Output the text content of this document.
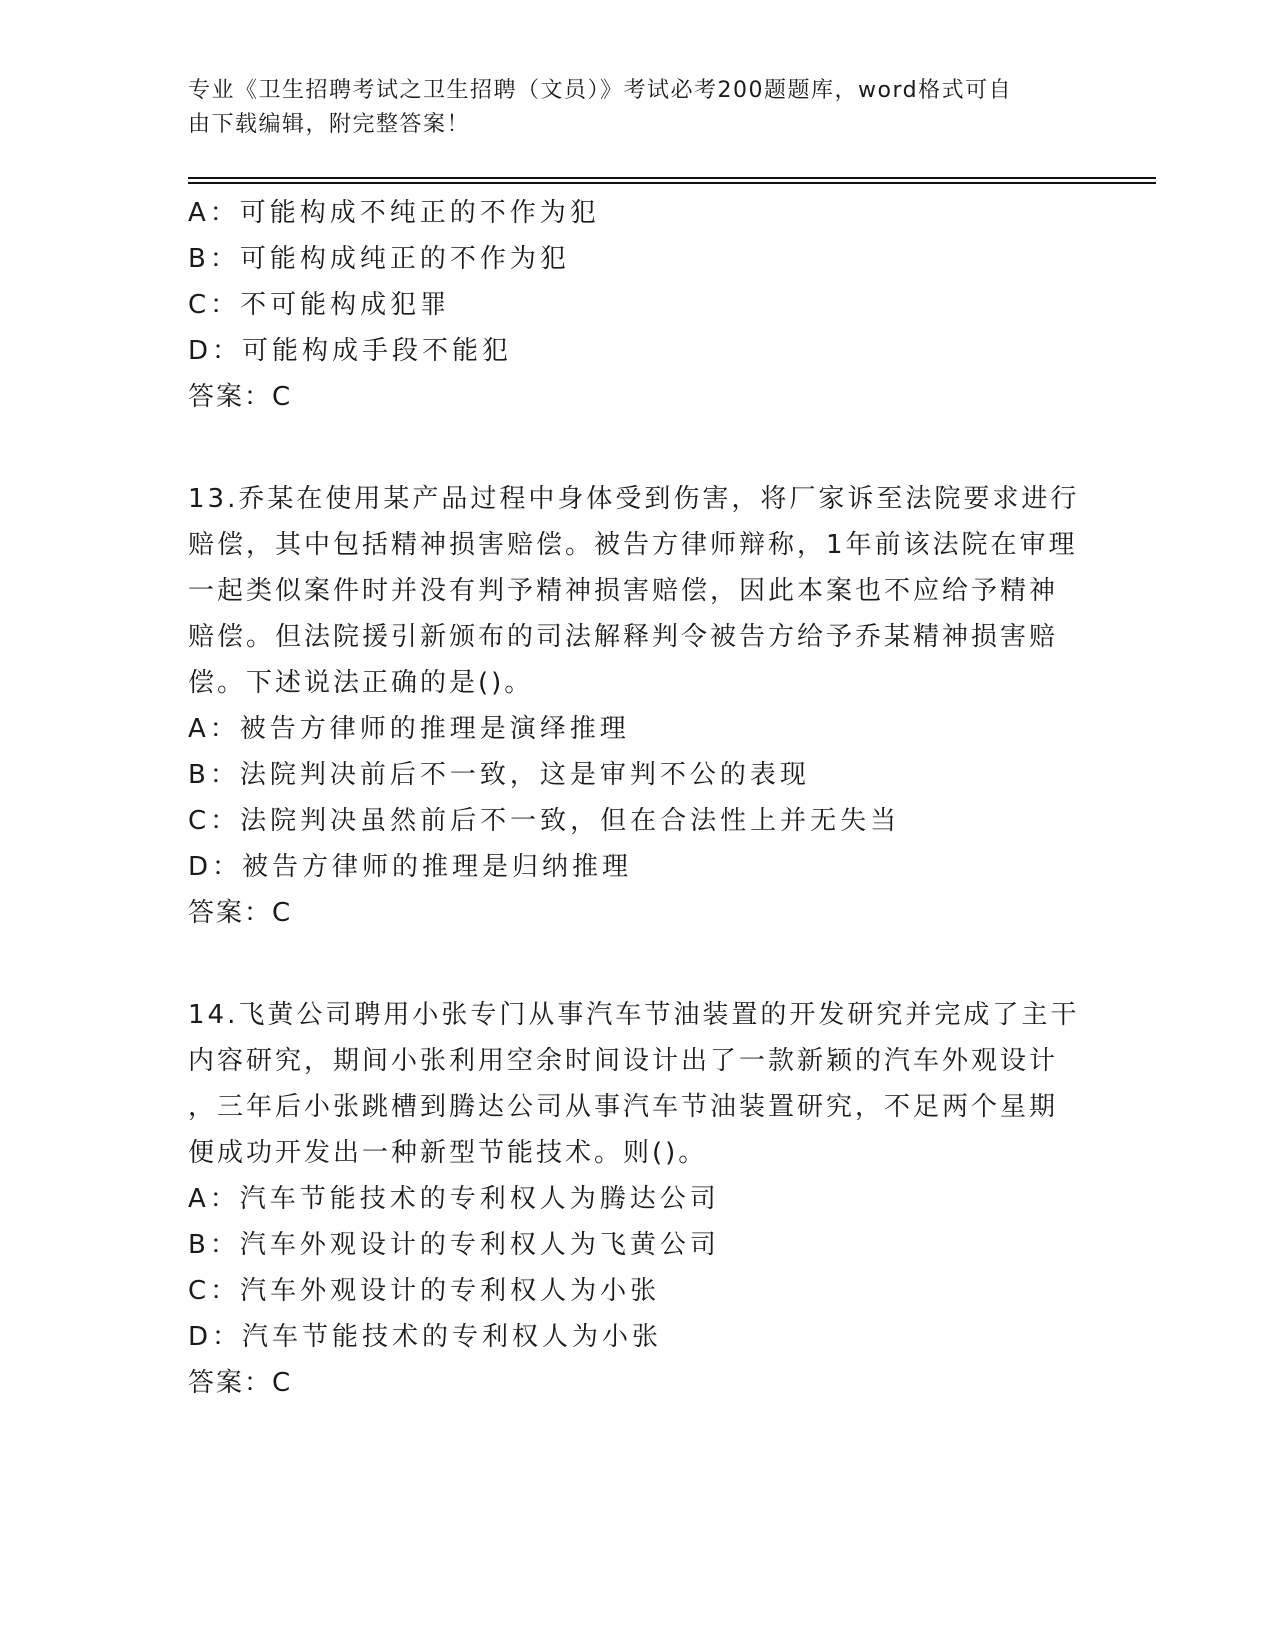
专业《卫生招聘考试之卫生招聘（文员）》考试必考200题题库，word格式可自
由下载编辑，附完整答案！
A：可能构成不纯正的不作为犯
B：可能构成纯正的不作为犯
C：不可能构成犯罪
D：可能构成手段不能犯
答案：C
13.乔某在使用某产品过程中身体受到伤害，将厂家诉至法院要求进行
赔偿，其中包括精神损害赔偿。被告方律师辩称，1年前该法院在审理
一起类似案件时并没有判予精神损害赔偿，因此本案也不应给予精神
赔偿。但法院援引新颁布的司法解释判令被告方给予乔某精神损害赔
偿。下述说法正确的是()。
A：被告方律师的推理是演绎推理
B：法院判决前后不一致，这是审判不公的表现
C：法院判决虽然前后不一致，但在合法性上并无失当
D：被告方律师的推理是归纳推理
答案：C
14.飞黄公司聘用小张专门从事汽车节油装置的开发研究并完成了主干
内容研究，期间小张利用空余时间设计出了一款新颖的汽车外观设计
，三年后小张跳槽到腾达公司从事汽车节油装置研究，不足两个星期
便成功开发出一种新型节能技术。则()。
A：汽车节能技术的专利权人为腾达公司
B：汽车外观设计的专利权人为飞黄公司
C：汽车外观设计的专利权人为小张
D：汽车节能技术的专利权人为小张
答案：C
